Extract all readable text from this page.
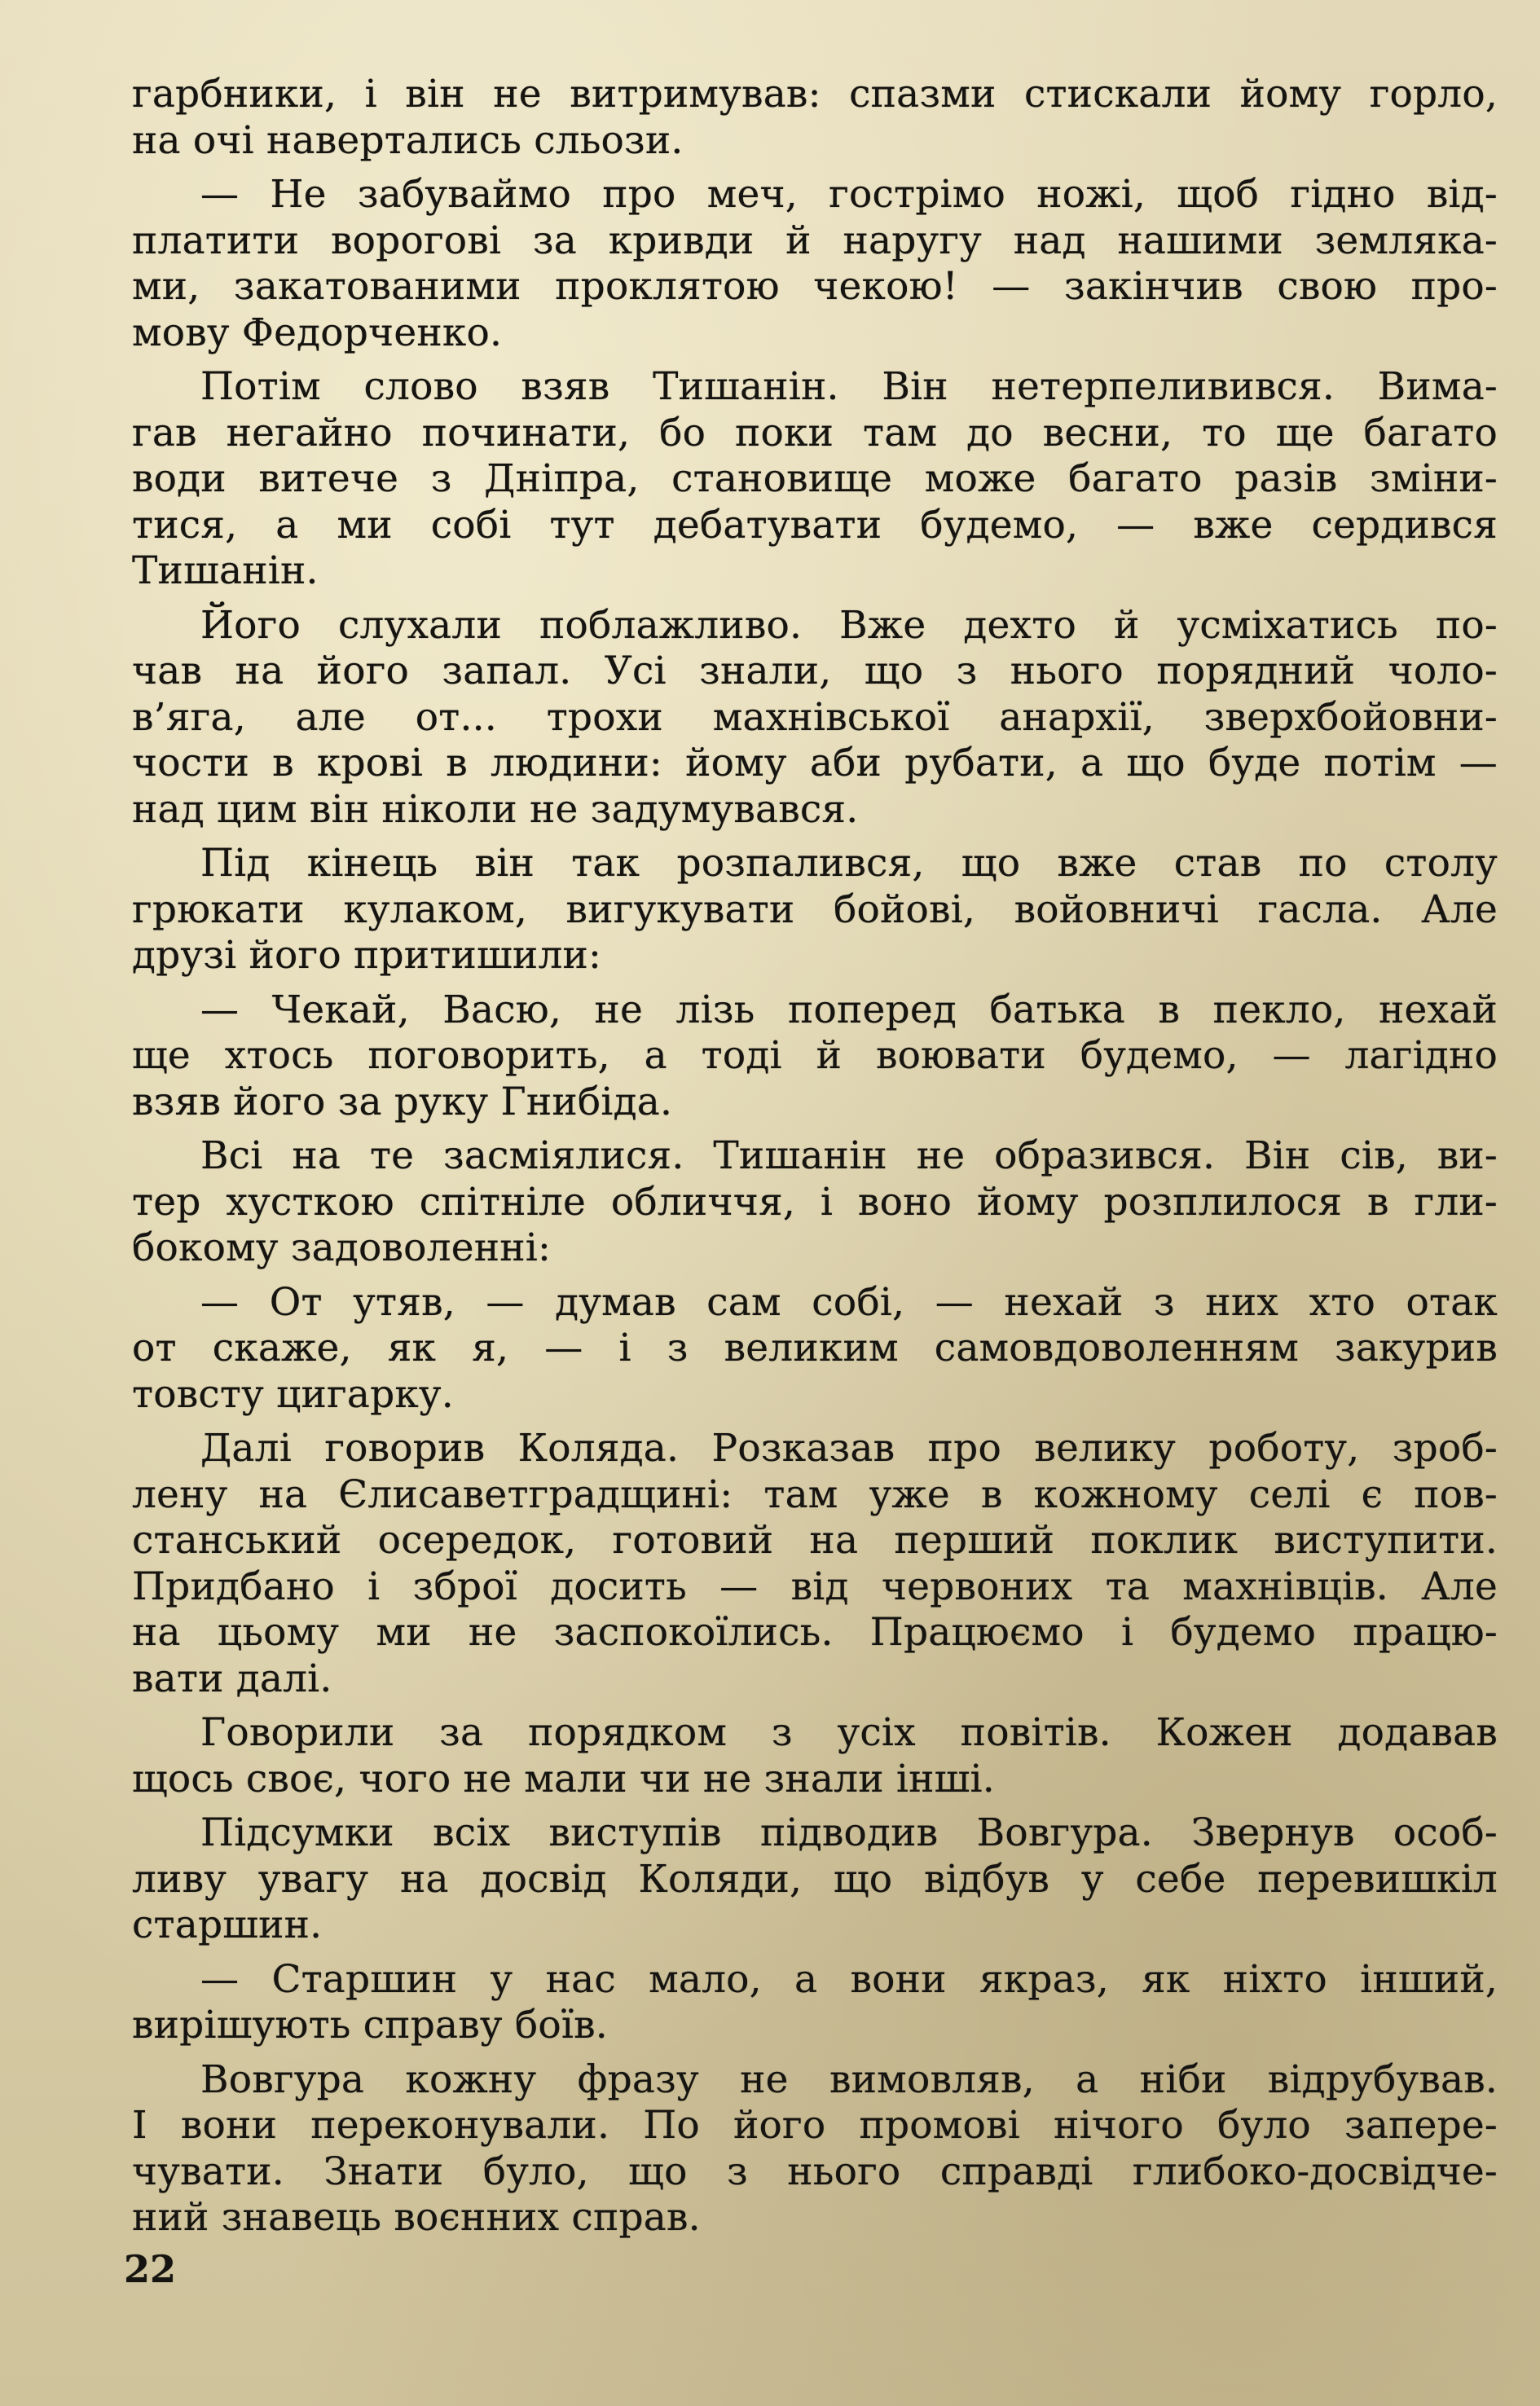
гарбники, і він не витримував: спазми стискали йому горло,
на очі навертались сльози.
— Не забуваймо про меч, гострімо ножі, щоб гідно від-
платити ворогові за кривди й наругу над нашими земляка-
ми, закатованими проклятою чекою! — закінчив свою про-
мову Федорченко.
Потім слово взяв Тишанін. Він нетерпеливився. Вима-
гав негайно починати, бо поки там до весни, то ще багато
води витече з Дніпра, становище може багато разів зміни-
тися, а ми собі тут дебатувати будемо, — вже сердився
Тишанін.
Його слухали поблажливо. Вже дехто й усміхатись по-
чав на його запал. Усі знали, що з нього порядний чоло-
в’яга, але от... трохи махнівської анархії, зверхбойовни-
чости в крові в людини: йому аби рубати, а що буде потім —
над цим він ніколи не задумувався.
Під кінець він так розпалився, що вже став по столу
грюкати кулаком, вигукувати бойові, войовничі гасла. Але
друзі його притишили:
— Чекай, Васю, не лізь поперед батька в пекло, нехай
ще хтось поговорить, а тоді й воювати будемо, — лагідно
взяв його за руку Гнибіда.
Всі на те засміялися. Тишанін не образився. Він сів, ви-
тер хусткою спітніле обличчя, і воно йому розплилося в гли-
бокому задоволенні:
— От утяв, — думав сам собі, — нехай з них хто отак
от скаже, як я, — і з великим самовдоволенням закурив
товсту цигарку.
Далі говорив Коляда. Розказав про велику роботу, зроб-
лену на Єлисаветградщині: там уже в кожному селі є пов-
станський осередок, готовий на перший поклик виступити.
Придбано і зброї досить — від червоних та махнівців. Але
на цьому ми не заспокоїлись. Працюємо і будемо працю-
вати далі.
Говорили за порядком з усіх повітів. Кожен додавав
щось своє, чого не мали чи не знали інші.
Підсумки всіх виступів підводив Вовгура. Звернув особ-
ливу увагу на досвід Коляди, що відбув у себе перевишкіл
старшин.
— Старшин у нас мало, а вони якраз, як ніхто інший,
вирішують справу боїв.
Вовгура кожну фразу не вимовляв, а ніби відрубував.
І вони переконували. По його промові нічого було запере-
чувати. Знати було, що з нього справді глибоко-досвідче-
ний знавець воєнних справ.
22
